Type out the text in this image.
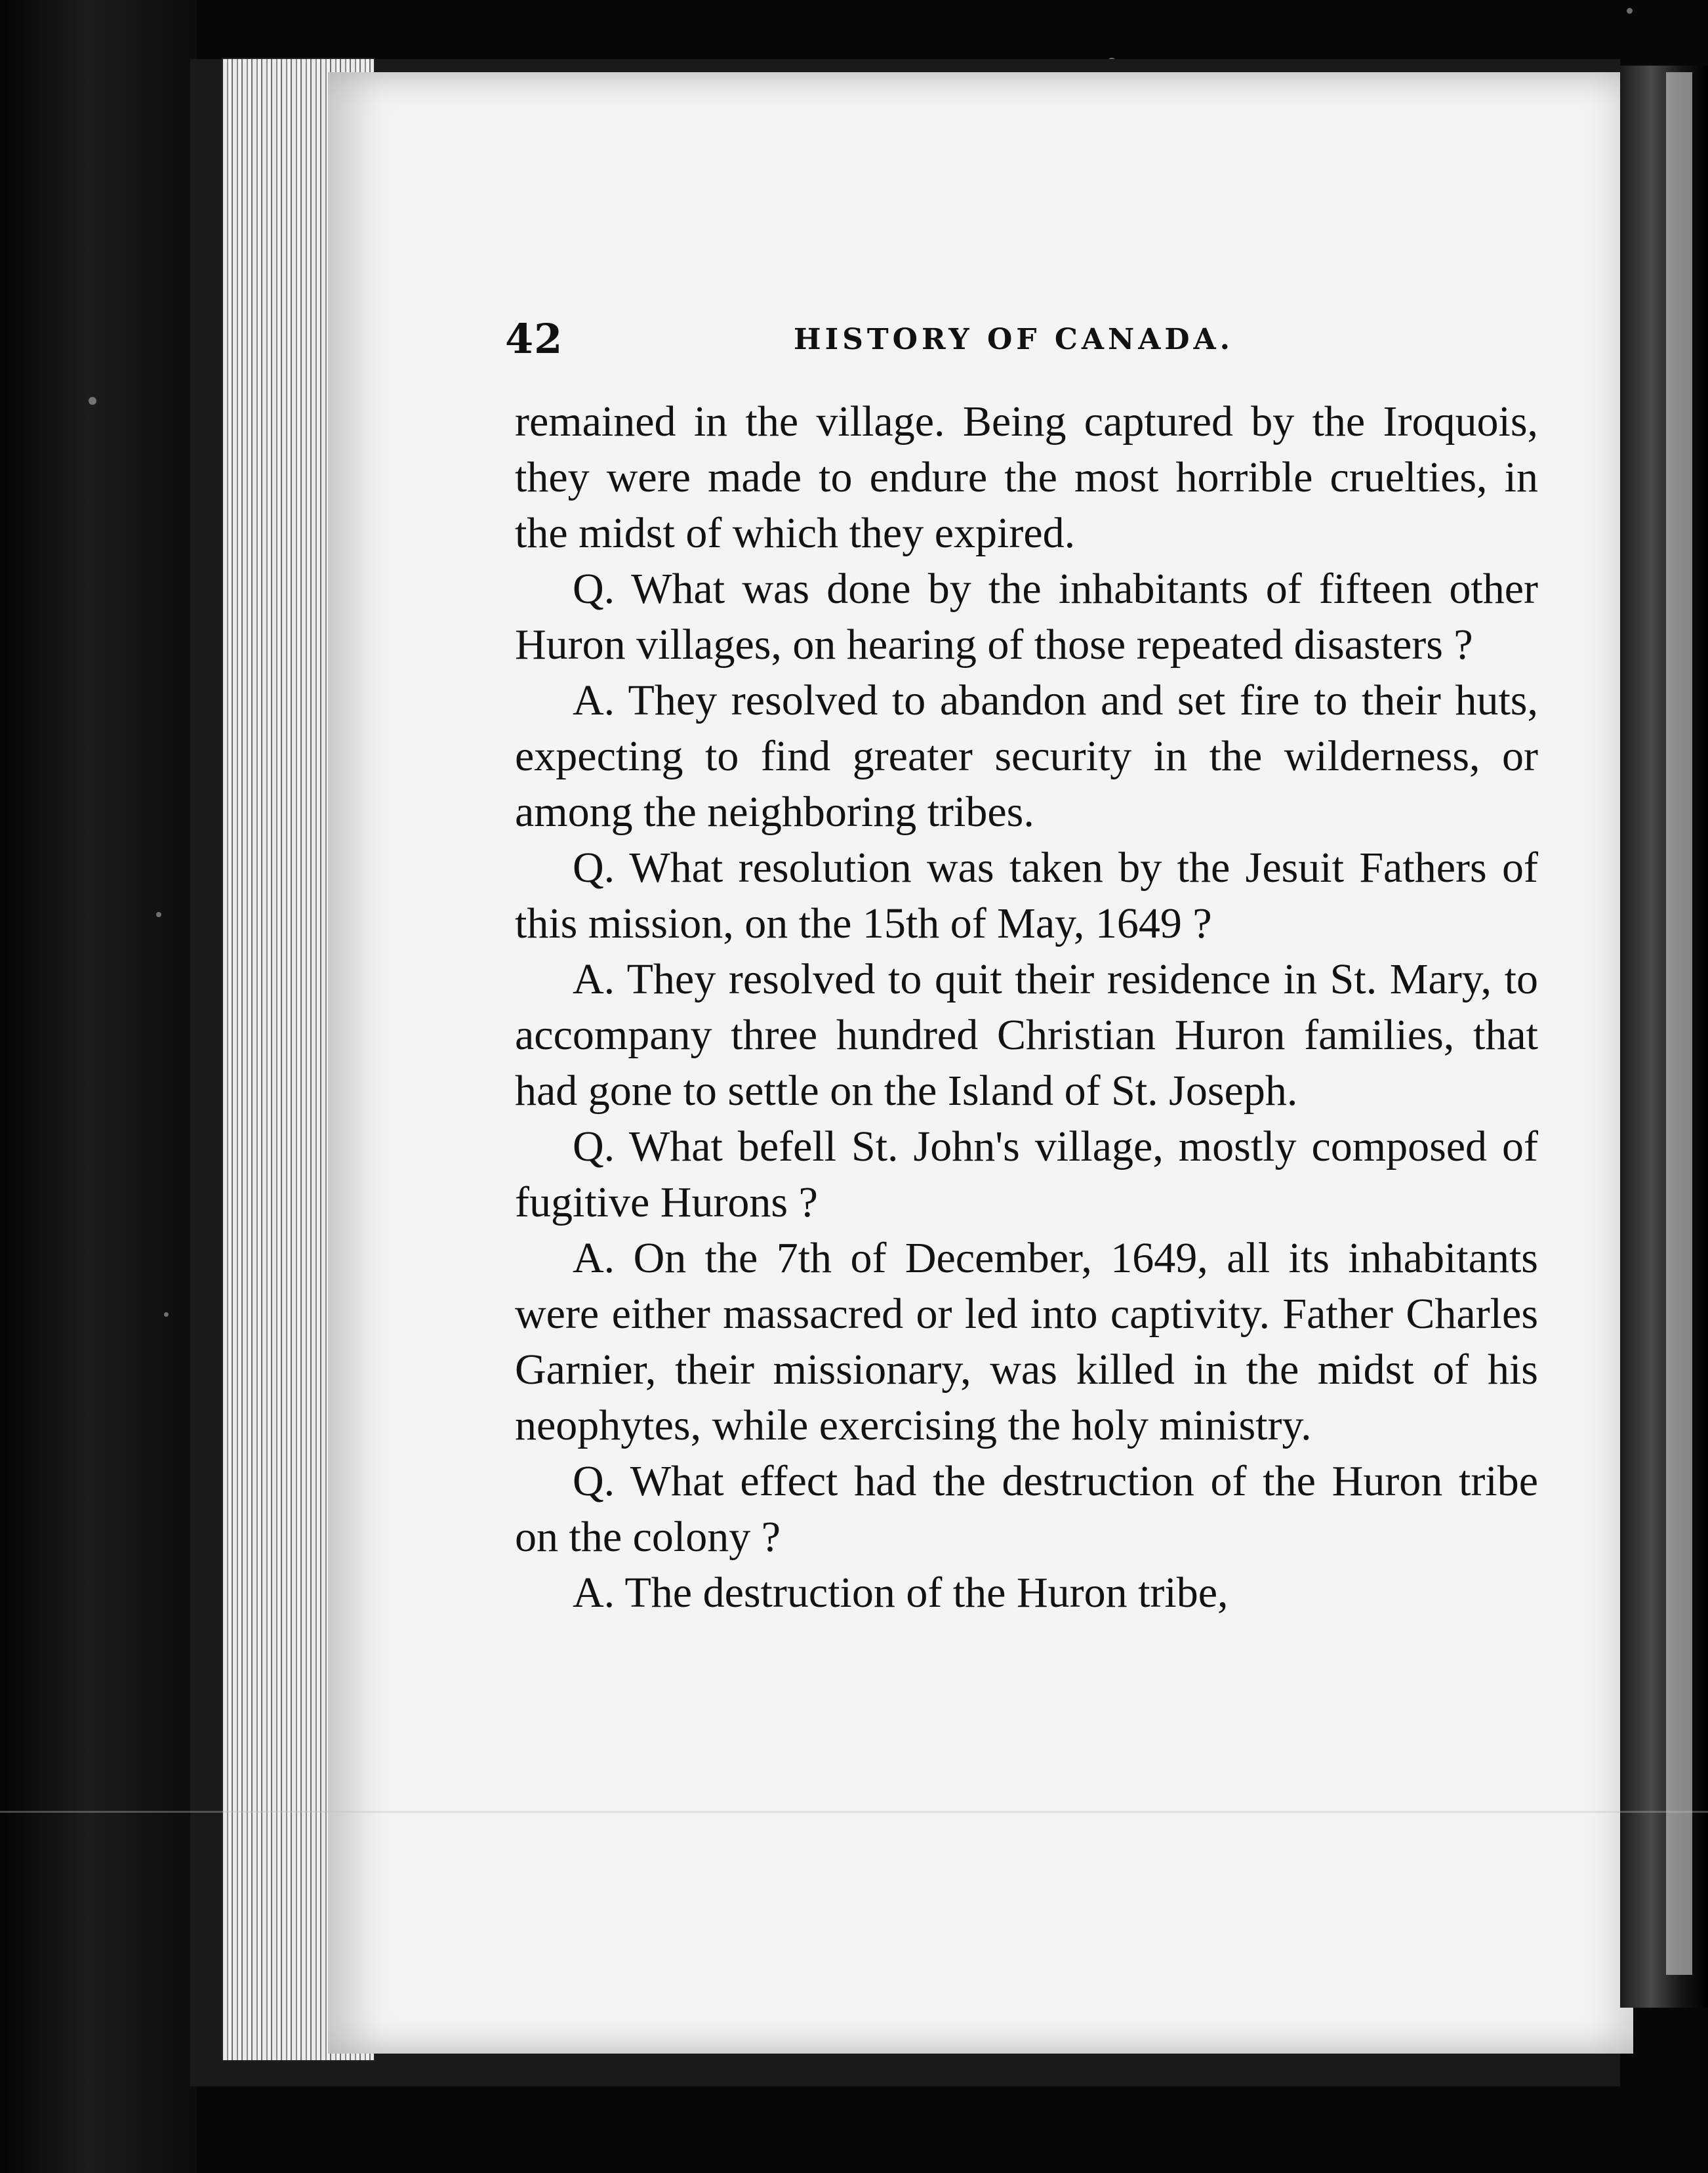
42	HISTORY OF CANADA.

remained in the village. Being captured by the Iroquois, they were made to endure the most horrible cruelties, in the midst of which they expired.

Q. What was done by the inhabitants of fifteen other Huron villages, on hearing of those repeated disasters ?

A. They resolved to abandon and set fire to their huts, expecting to find greater security in the wilderness, or among the neighboring tribes.

Q. What resolution was taken by the Jesuit Fathers of this mission, on the 15th of May, 1649 ?

A. They resolved to quit their residence in St. Mary, to accompany three hundred Christian Huron families, that had gone to settle on the Island of St. Joseph.

Q. What befell St. John's village, mostly composed of fugitive Hurons ?

A. On the 7th of December, 1649, all its inhabitants were either massacred or led into captivity. Father Charles Garnier, their missionary, was killed in the midst of his neophytes, while exercising the holy ministry.

Q. What effect had the destruction of the Huron tribe on the colony ?

A. The destruction of the Huron tribe,
